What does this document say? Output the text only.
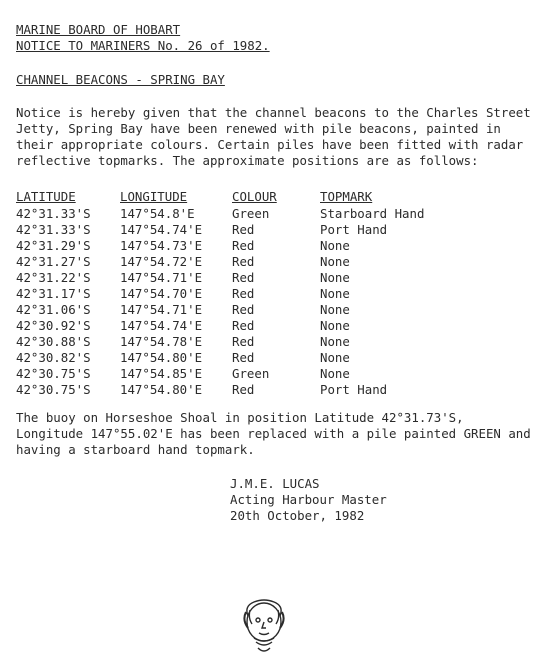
MARINE BOARD OF HOBART
NOTICE TO MARINERS No. 26 of 1982.
CHANNEL BEACONS - SPRING BAY
Notice is hereby given that the channel beacons to the Charles Street Jetty, Spring Bay have been renewed with pile beacons, painted in their appropriate colours. Certain piles have been fitted with radar reflective topmarks. The approximate positions are as follows:
LATITUDE	LONGITUDE	COLOUR	TOPMARK
42°31.33'S	147°54.8'E	Green	Starboard Hand
42°31.33'S	147°54.74'E	Red	Port Hand
42°31.29'S	147°54.73'E	Red	None
42°31.27'S	147°54.72'E	Red	None
42°31.22'S	147°54.71'E	Red	None
42°31.17'S	147°54.70'E	Red	None
42°31.06'S	147°54.71'E	Red	None
42°30.92'S	147°54.74'E	Red	None
42°30.88'S	147°54.78'E	Red	None
42°30.82'S	147°54.80'E	Red	None
42°30.75'S	147°54.85'E	Green	None
42°30.75'S	147°54.80'E	Red	Port Hand
The buoy on Horseshoe Shoal in position Latitude 42°31.73'S, Longitude 147°55.02'E has been replaced with a pile painted GREEN and having a starboard hand topmark.
J.M.E. LUCAS
Acting Harbour Master
20th October, 1982
